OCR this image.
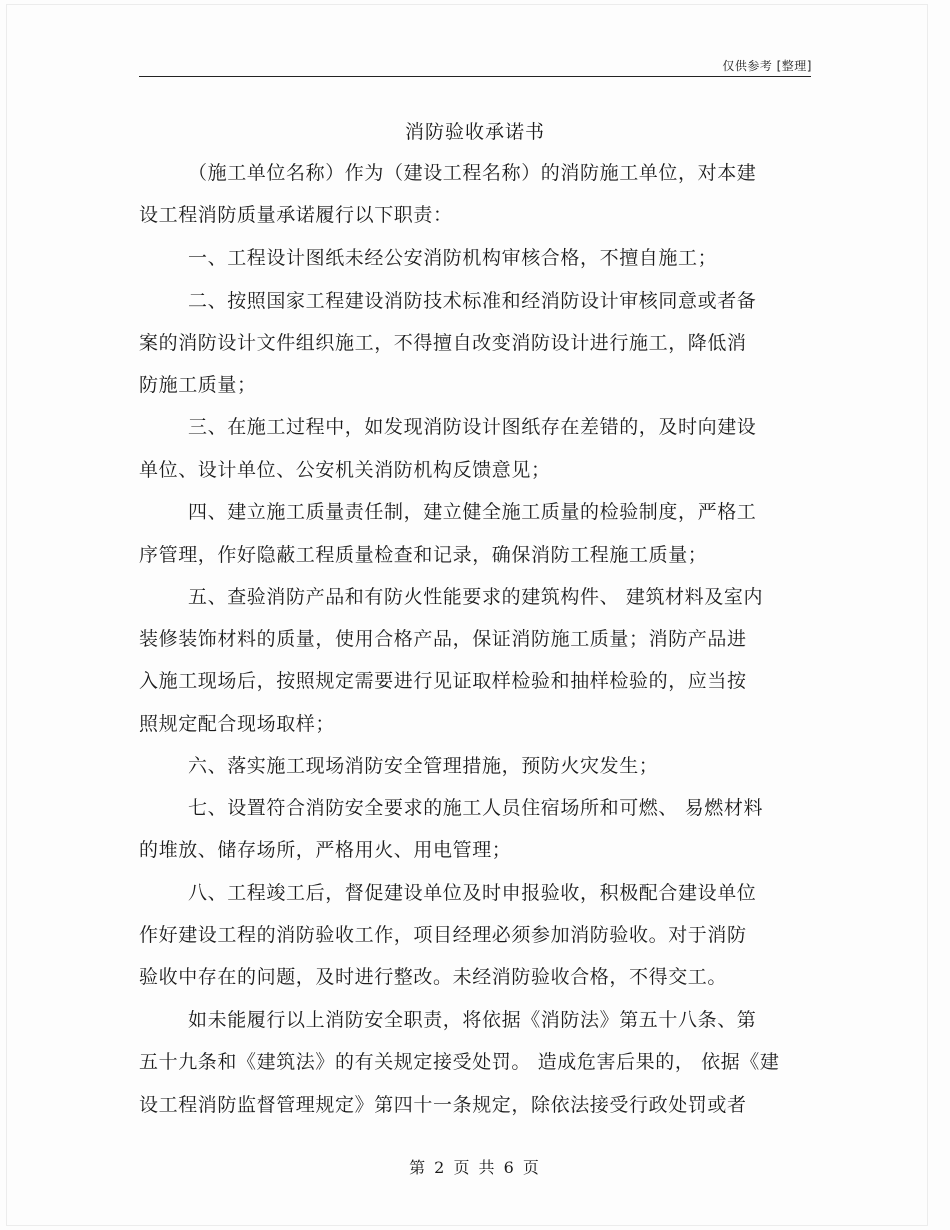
仅供参考 [整理]
消防验收承诺书
（施工单位名称）作为（建设工程名称）的消防施工单位，对本建
设工程消防质量承诺履行以下职责：
一、工程设计图纸未经公安消防机构审核合格，不擅自施工；
二、按照国家工程建设消防技术标准和经消防设计审核同意或者备
案的消防设计文件组织施工，不得擅自改变消防设计进行施工，降低消
防施工质量；
三、在施工过程中，如发现消防设计图纸存在差错的，及时向建设
单位、设计单位、公安机关消防机构反馈意见；
四、建立施工质量责任制，建立健全施工质量的检验制度，严格工
序管理，作好隐蔽工程质量检查和记录，确保消防工程施工质量；
五、查验消防产品和有防火性能要求的建筑构件、 建筑材料及室内
装修装饰材料的质量，使用合格产品，保证消防施工质量；消防产品进
入施工现场后，按照规定需要进行见证取样检验和抽样检验的，应当按
照规定配合现场取样；
六、落实施工现场消防安全管理措施，预防火灾发生；
七、设置符合消防安全要求的施工人员住宿场所和可燃、 易燃材料
的堆放、储存场所，严格用火、用电管理；
八、工程竣工后，督促建设单位及时申报验收，积极配合建设单位
作好建设工程的消防验收工作，项目经理必须参加消防验收。对于消防
验收中存在的问题，及时进行整改。未经消防验收合格，不得交工。
如未能履行以上消防安全职责，将依据《消防法》第五十八条、第
五十九条和《建筑法》的有关规定接受处罚。 造成危害后果的， 依据《建
设工程消防监督管理规定》第四十一条规定，除依法接受行政处罚或者
第 2 页 共 6 页
